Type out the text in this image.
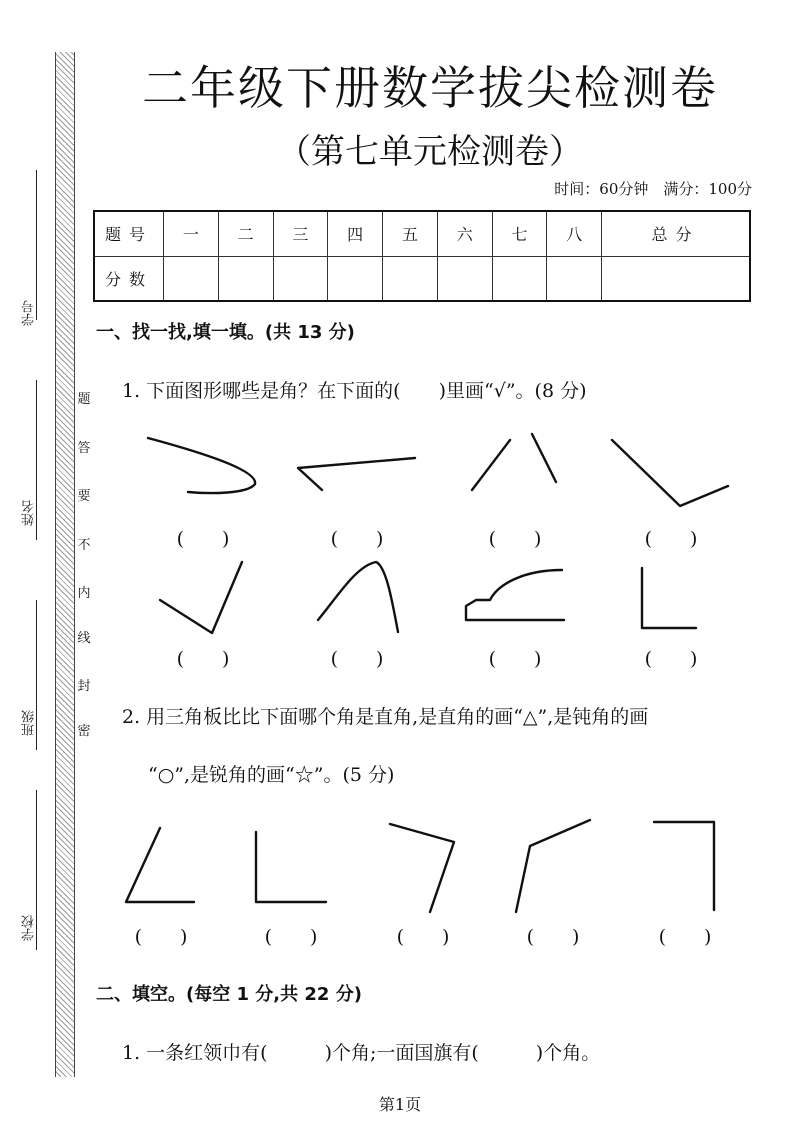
学号
姓名
班级
学校
密
封
线
内
不
要
答
题
二年级下册数学拔尖检测卷
（第七单元检测卷）
时间：60分钟　满分：100分
题号	一	二	三	四	五	六	七	八	总分
分数									
一、找一找,填一填。(共 13 分)
1. 下面图形哪些是角？在下面的(　　)里画“√”。(8 分)
(　　)	(　　)	(　　)	(　　)
(　　)	(　　)	(　　)	(　　)
2. 用三角板比比下面哪个角是直角,是直角的画“△”,是钝角的画
“○”,是锐角的画“☆”。(5 分)
(　　)	(　　)	(　　)	(　　)	(　　)
二、填空。(每空 1 分,共 22 分)
1. 一条红领巾有(　　　)个角;一面国旗有(　　　)个角。
第1页
